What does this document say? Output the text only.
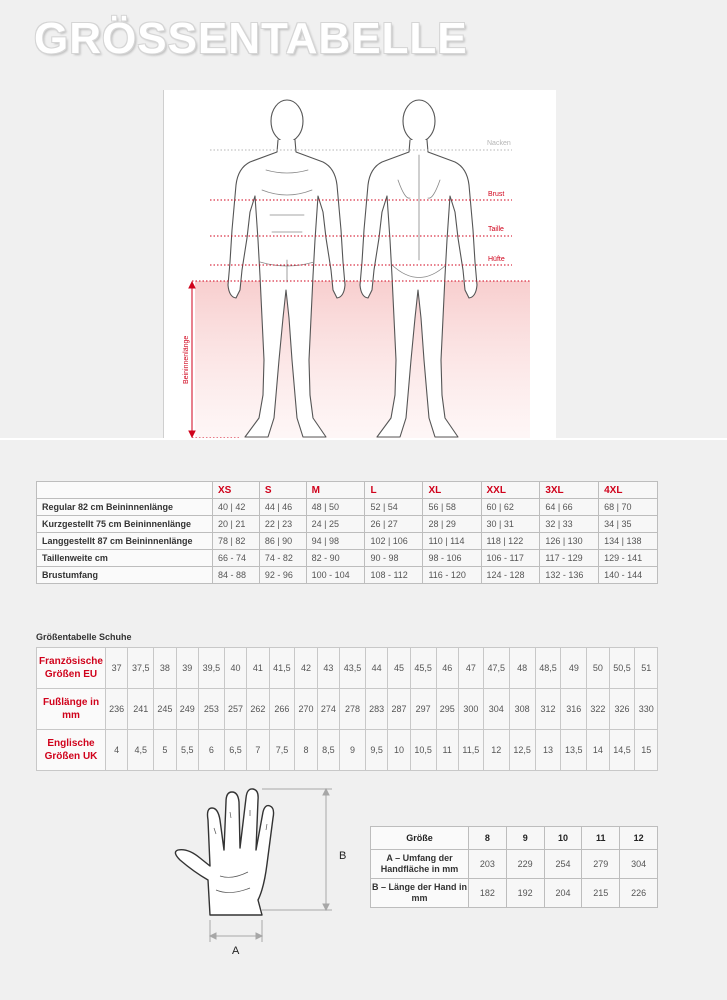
GRÖSSENTABELLE
Nacken
Brust
Taille
Hüfte
Beininnenlänge
	XS	S	M	L	XL	XXL	3XL	4XL
Regular 82 cm Beininnenlänge	40 | 42	44 | 46	48 | 50	52 | 54	56 | 58	60 | 62	64 | 66	68 | 70
Kurzgestellt 75 cm Beininnenlänge	20 | 21	22 | 23	24 | 25	26 | 27	28 | 29	30 | 31	32 | 33	34 | 35
Langgestellt 87 cm Beininnenlänge	78 | 82	86 | 90	94 | 98	102 | 106	110 | 114	118 | 122	126 | 130	134 | 138
Taillenweite cm	66 - 74	74 - 82	82 - 90	90 - 98	98 - 106	106 - 117	117 - 129	129 - 141
Brustumfang	84 - 88	92 - 96	100 - 104	108 - 112	116 - 120	124 - 128	132 - 136	140 - 144
Größentabelle Schuhe
Französische Größen EU	37	37,5	38	39	39,5	40	41	41,5	42	43	43,5	44	45	45,5	46	47	47,5	48	48,5	49	50	50,5	51
Fußlänge in mm	236	241	245	249	253	257	262	266	270	274	278	283	287	297	295	300	304	308	312	316	322	326	330
Englische Größen UK	4	4,5	5	5,5	6	6,5	7	7,5	8	8,5	9	9,5	10	10,5	11	11,5	12	12,5	13	13,5	14	14,5	15
A
B
Größe	8	9	10	11	12
A – Umfang der Handfläche in mm	203	229	254	279	304
B – Länge der Hand in mm	182	192	204	215	226
